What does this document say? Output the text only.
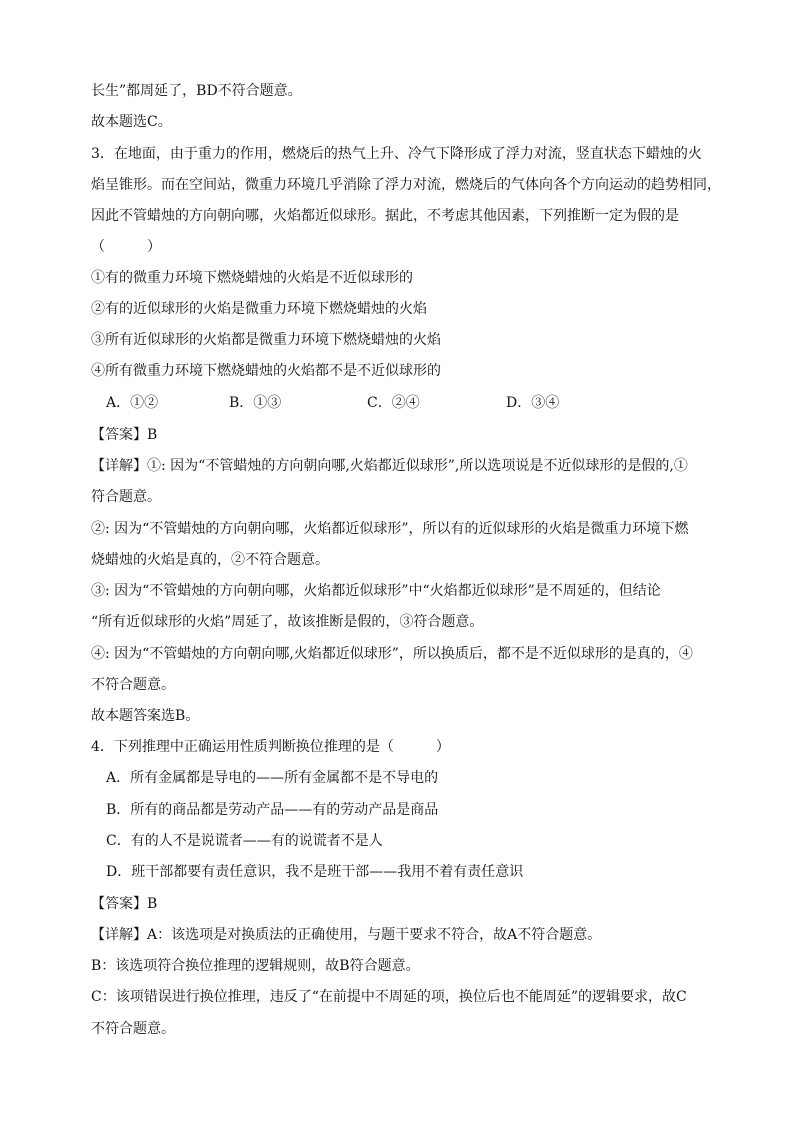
长生”都周延了，BD不符合题意。
故本题选C。
3．在地面，由于重力的作用，燃烧后的热气上升、冷气下降形成了浮力对流，竖直状态下蜡烛的火
焰呈锥形。而在空间站，微重力环境几乎消除了浮力对流，燃烧后的气体向各个方向运动的趋势相同，
因此不管蜡烛的方向朝向哪，火焰都近似球形。据此，不考虑其他因素，下列推断一定为假的是
（　　　）
①有的微重力环境下燃烧蜡烛的火焰是不近似球形的
②有的近似球形的火焰是微重力环境下燃烧蜡烛的火焰
③所有近似球形的火焰都是微重力环境下燃烧蜡烛的火焰
④所有微重力环境下燃烧蜡烛的火焰都不是不近似球形的
A．①②	B．①③	C．②④	D．③④
【答案】B
【详解】①: 因为“不管蜡烛的方向朝向哪,火焰都近似球形”,所以选项说是不近似球形的是假的,①
符合题意。
②: 因为“不管蜡烛的方向朝向哪，火焰都近似球形”，所以有的近似球形的火焰是微重力环境下燃
烧蜡烛的火焰是真的，②不符合题意。
③: 因为“不管蜡烛的方向朝向哪，火焰都近似球形”中“火焰都近似球形”是不周延的，但结论
“所有近似球形的火焰”周延了，故该推断是假的，③符合题意。
④: 因为“不管蜡烛的方向朝向哪,火焰都近似球形”，所以换质后，都不是不近似球形的是真的，④
不符合题意。
故本题答案选B。
4．下列推理中正确运用性质判断换位推理的是（　　　）
A．所有金属都是导电的——所有金属都不是不导电的
B．所有的商品都是劳动产品——有的劳动产品是商品
C．有的人不是说谎者——有的说谎者不是人
D．班干部都要有责任意识，我不是班干部——我用不着有责任意识
【答案】B
【详解】A：该选项是对换质法的正确使用，与题干要求不符合，故A不符合题意。
B：该选项符合换位推理的逻辑规则，故B符合题意。
C：该项错误进行换位推理，违反了“在前提中不周延的项，换位后也不能周延”的逻辑要求，故C
不符合题意。
